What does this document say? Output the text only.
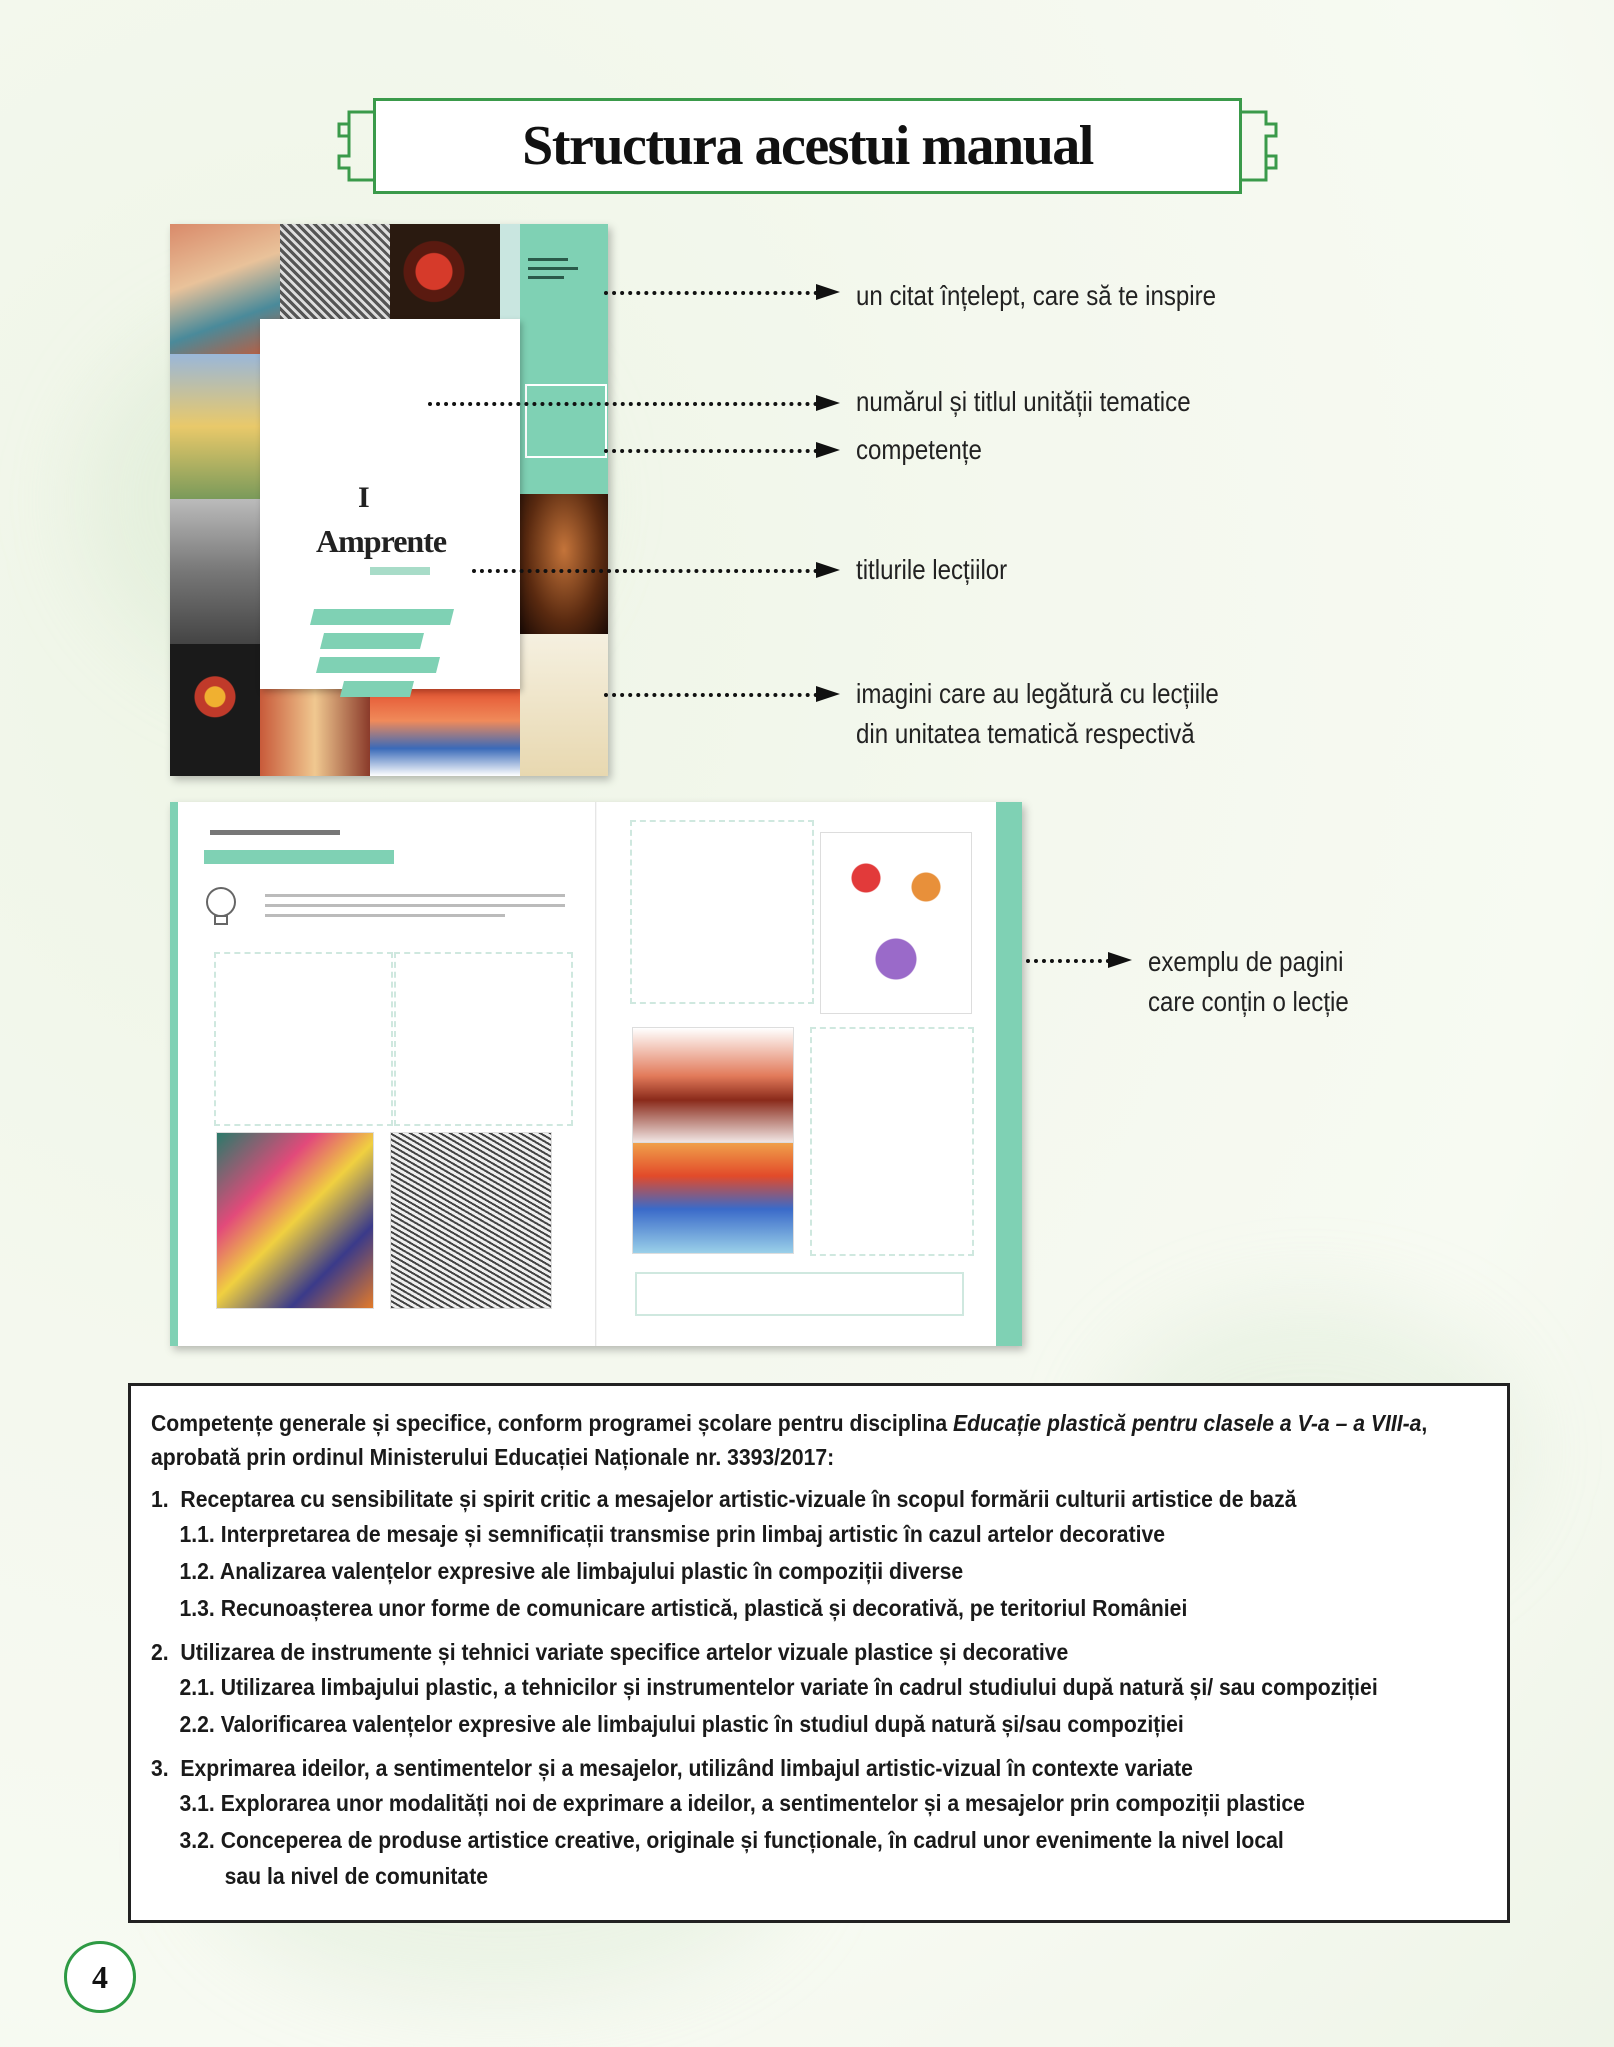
Structura acestui manual
I
Amprente
un citat înțelept, care să te inspire
numărul și titlul unității tematice
competențe
titlurile lecțiilor
imagini care au legătură cu lecțiile
din unitatea tematică respectivă
exemplu de pagini
care conțin o lecție
Competențe generale și specifice, conform programei școlare pentru disciplina Educație plastică pentru clasele a V-a – a VIII-a,
aprobată prin ordinul Ministerului Educației Naționale nr. 3393/2017:
1. Receptarea cu sensibilitate și spirit critic a mesajelor artistic-vizuale în scopul formării culturii artistice de bază
1.1. Interpretarea de mesaje și semnificații transmise prin limbaj artistic în cazul artelor decorative
1.2. Analizarea valențelor expresive ale limbajului plastic în compoziții diverse
1.3. Recunoașterea unor forme de comunicare artistică, plastică și decorativă, pe teritoriul României
2. Utilizarea de instrumente și tehnici variate specifice artelor vizuale plastice și decorative
2.1. Utilizarea limbajului plastic, a tehnicilor și instrumentelor variate în cadrul studiului după natură și/ sau compoziției
2.2. Valorificarea valențelor expresive ale limbajului plastic în studiul după natură și/sau compoziției
3. Exprimarea ideilor, a sentimentelor și a mesajelor, utilizând limbajul artistic-vizual în contexte variate
3.1. Explorarea unor modalități noi de exprimare a ideilor, a sentimentelor și a mesajelor prin compoziții plastice
3.2. Conceperea de produse artistice creative, originale și funcționale, în cadrul unor evenimente la nivel local
sau la nivel de comunitate
4
